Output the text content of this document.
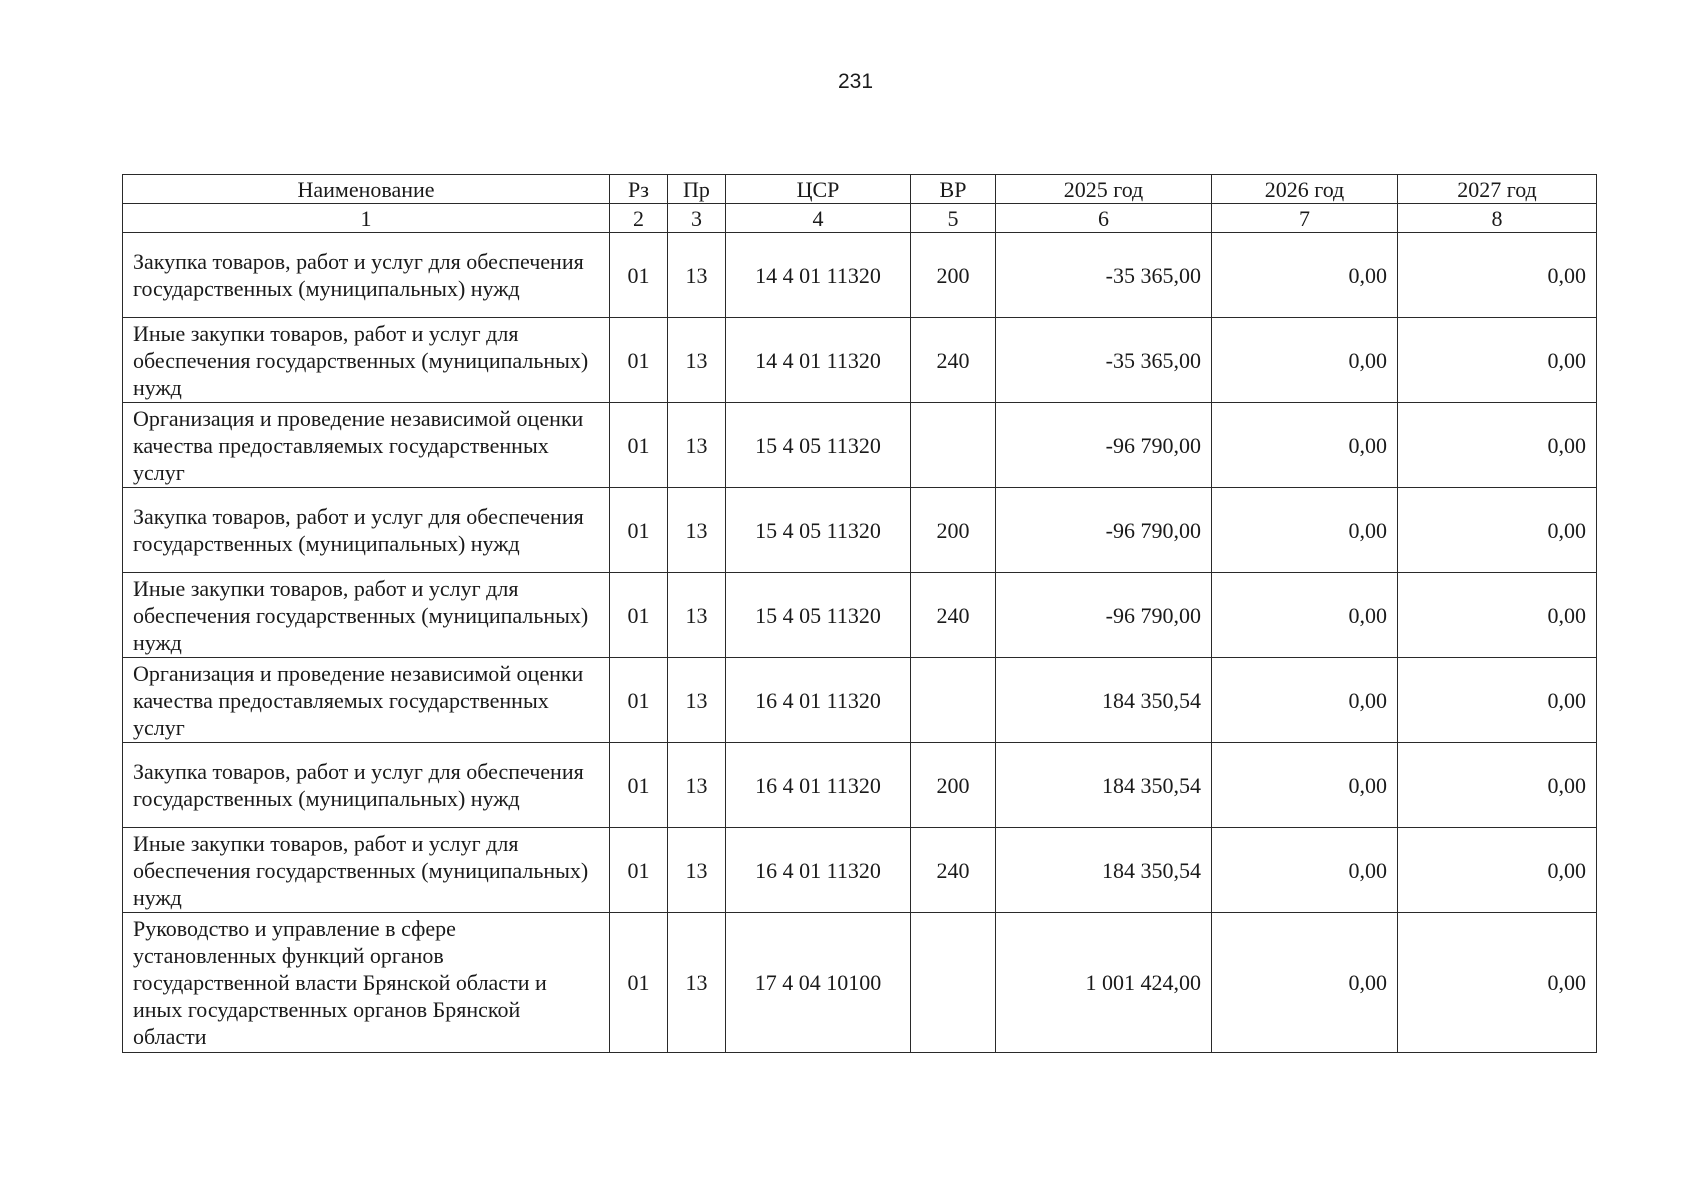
231
Наименование	Рз	Пр	ЦСР	ВР	2025 год	2026 год	2027 год
1	2	3	4	5	6	7	8
Закупка товаров, работ и услуг для обеспечения государственных (муниципальных) нужд	01	13	14 4 01 11320	200	-35 365,00	0,00	0,00
Иные закупки товаров, работ и услуг для обеспечения государственных (муниципальных) нужд	01	13	14 4 01 11320	240	-35 365,00	0,00	0,00
Организация и проведение независимой оценки качества предоставляемых государственных услуг	01	13	15 4 05 11320		-96 790,00	0,00	0,00
Закупка товаров, работ и услуг для обеспечения государственных (муниципальных) нужд	01	13	15 4 05 11320	200	-96 790,00	0,00	0,00
Иные закупки товаров, работ и услуг для обеспечения государственных (муниципальных) нужд	01	13	15 4 05 11320	240	-96 790,00	0,00	0,00
Организация и проведение независимой оценки качества предоставляемых государственных услуг	01	13	16 4 01 11320		184 350,54	0,00	0,00
Закупка товаров, работ и услуг для обеспечения государственных (муниципальных) нужд	01	13	16 4 01 11320	200	184 350,54	0,00	0,00
Иные закупки товаров, работ и услуг для обеспечения государственных (муниципальных) нужд	01	13	16 4 01 11320	240	184 350,54	0,00	0,00
Руководство и управление в сфере установленных функций органов государственной власти Брянской области и иных государственных органов Брянской области	01	13	17 4 04 10100		1 001 424,00	0,00	0,00
